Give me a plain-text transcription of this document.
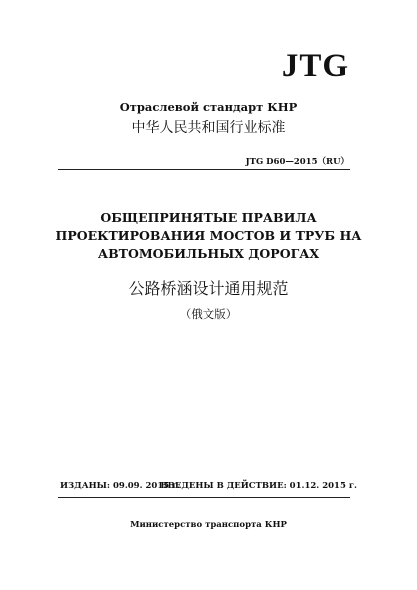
JTG
Отраслевой стандарт КНР
中华人民共和国行业标准
JTG D60—2015（RU）
ОБЩЕПРИНЯТЫЕ ПРАВИЛА
ПРОЕКТИРОВАНИЯ МОСТОВ И ТРУБ НА
АВТОМОБИЛЬНЫХ ДОРОГАХ
公路桥涵设计通用规范
（俄文版）
ИЗДАНЫ: 09.09. 2015 г.
ВВЕДЕНЫ В ДЕЙСТВИЕ: 01.12. 2015 г.
Министерство транспорта КНР
